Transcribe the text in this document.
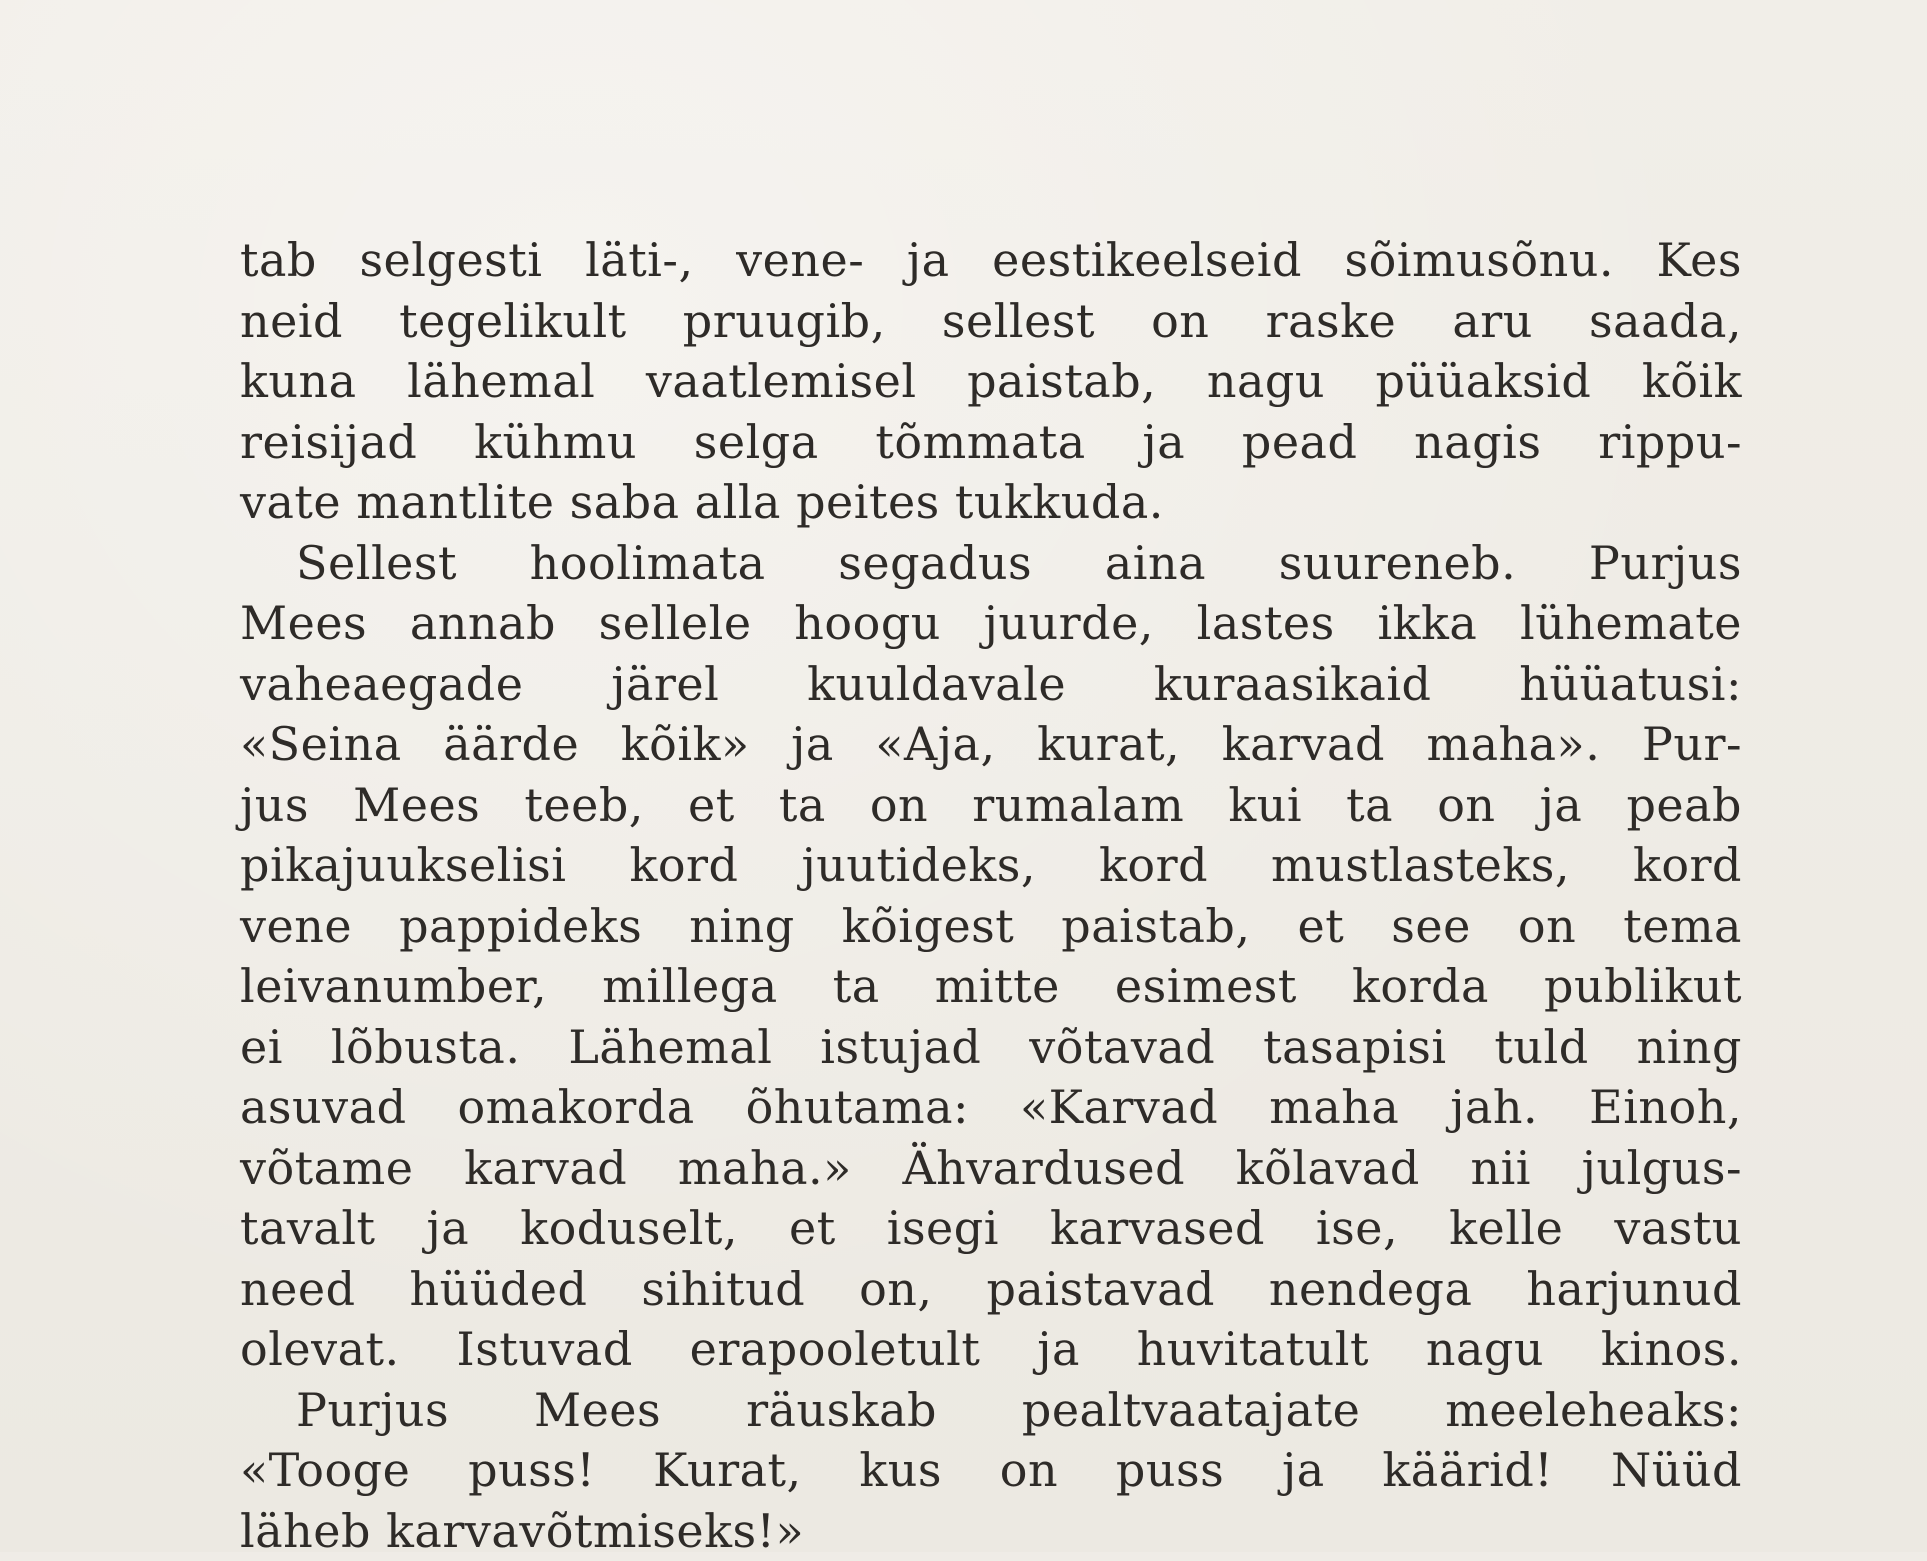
tab selgesti läti-, vene- ja eestikeelseid sõimusõnu. Kes
neid tegelikult pruugib, sellest on raske aru saada,
kuna lähemal vaatlemisel paistab, nagu püüaksid kõik
reisijad kühmu selga tõmmata ja pead nagis rippu-
vate mantlite saba alla peites tukkuda.
Sellest hoolimata segadus aina suureneb. Purjus
Mees annab sellele hoogu juurde, lastes ikka lühemate
vaheaegade järel kuuldavale kuraasikaid hüüatusi:
«Seina äärde kõik» ja «Aja, kurat, karvad maha». Pur-
jus Mees teeb, et ta on rumalam kui ta on ja peab
pikajuukselisi kord juutideks, kord mustlasteks, kord
vene pappideks ning kõigest paistab, et see on tema
leivanumber, millega ta mitte esimest korda publikut
ei lõbusta. Lähemal istujad võtavad tasapisi tuld ning
asuvad omakorda õhutama: «Karvad maha jah. Einoh,
võtame karvad maha.» Ähvardused kõlavad nii julgus-
tavalt ja koduselt, et isegi karvased ise, kelle vastu
need hüüded sihitud on, paistavad nendega harjunud
olevat. Istuvad erapooletult ja huvitatult nagu kinos.
Purjus Mees räuskab pealtvaatajate meeleheaks:
«Tooge puss! Kurat, kus on puss ja käärid! Nüüd
läheb karvavõtmiseks!»
